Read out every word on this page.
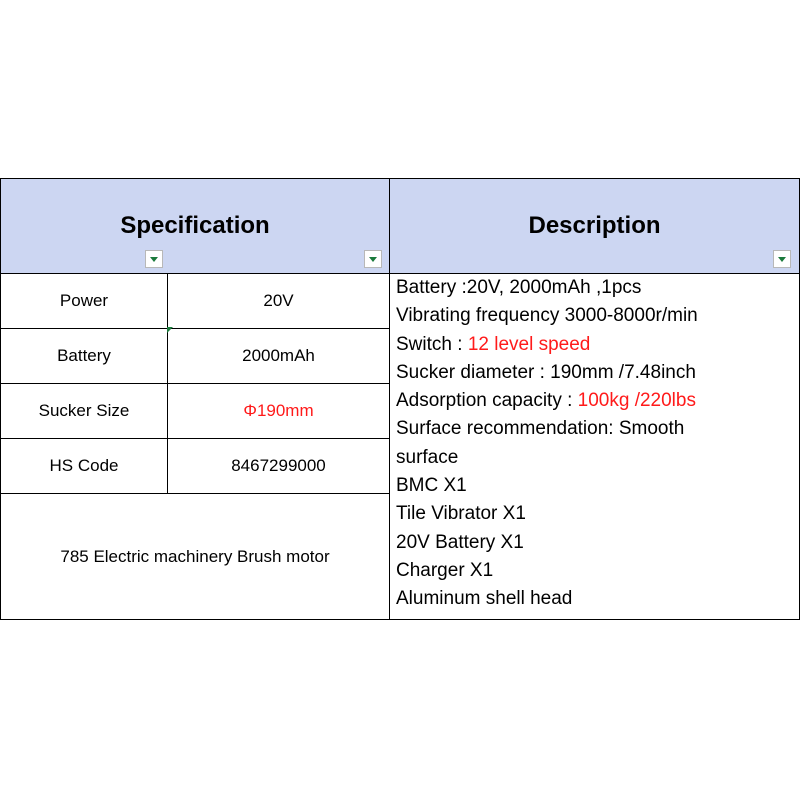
Specification	Description
Power	20V
Battery	2000mAh
Sucker Size	Φ190mm
HS Code	8467299000
785 Electric machinery Brush motor
Battery :20V, 2000mAh ,1pcs
Vibrating frequency 3000-8000r/min
Switch : 12 level speed
Sucker diameter : 190mm /7.48inch
Adsorption capacity : 100kg /220lbs
Surface recommendation: Smooth
surface
BMC X1
Tile Vibrator X1
20V Battery X1
Charger X1
Aluminum shell head
